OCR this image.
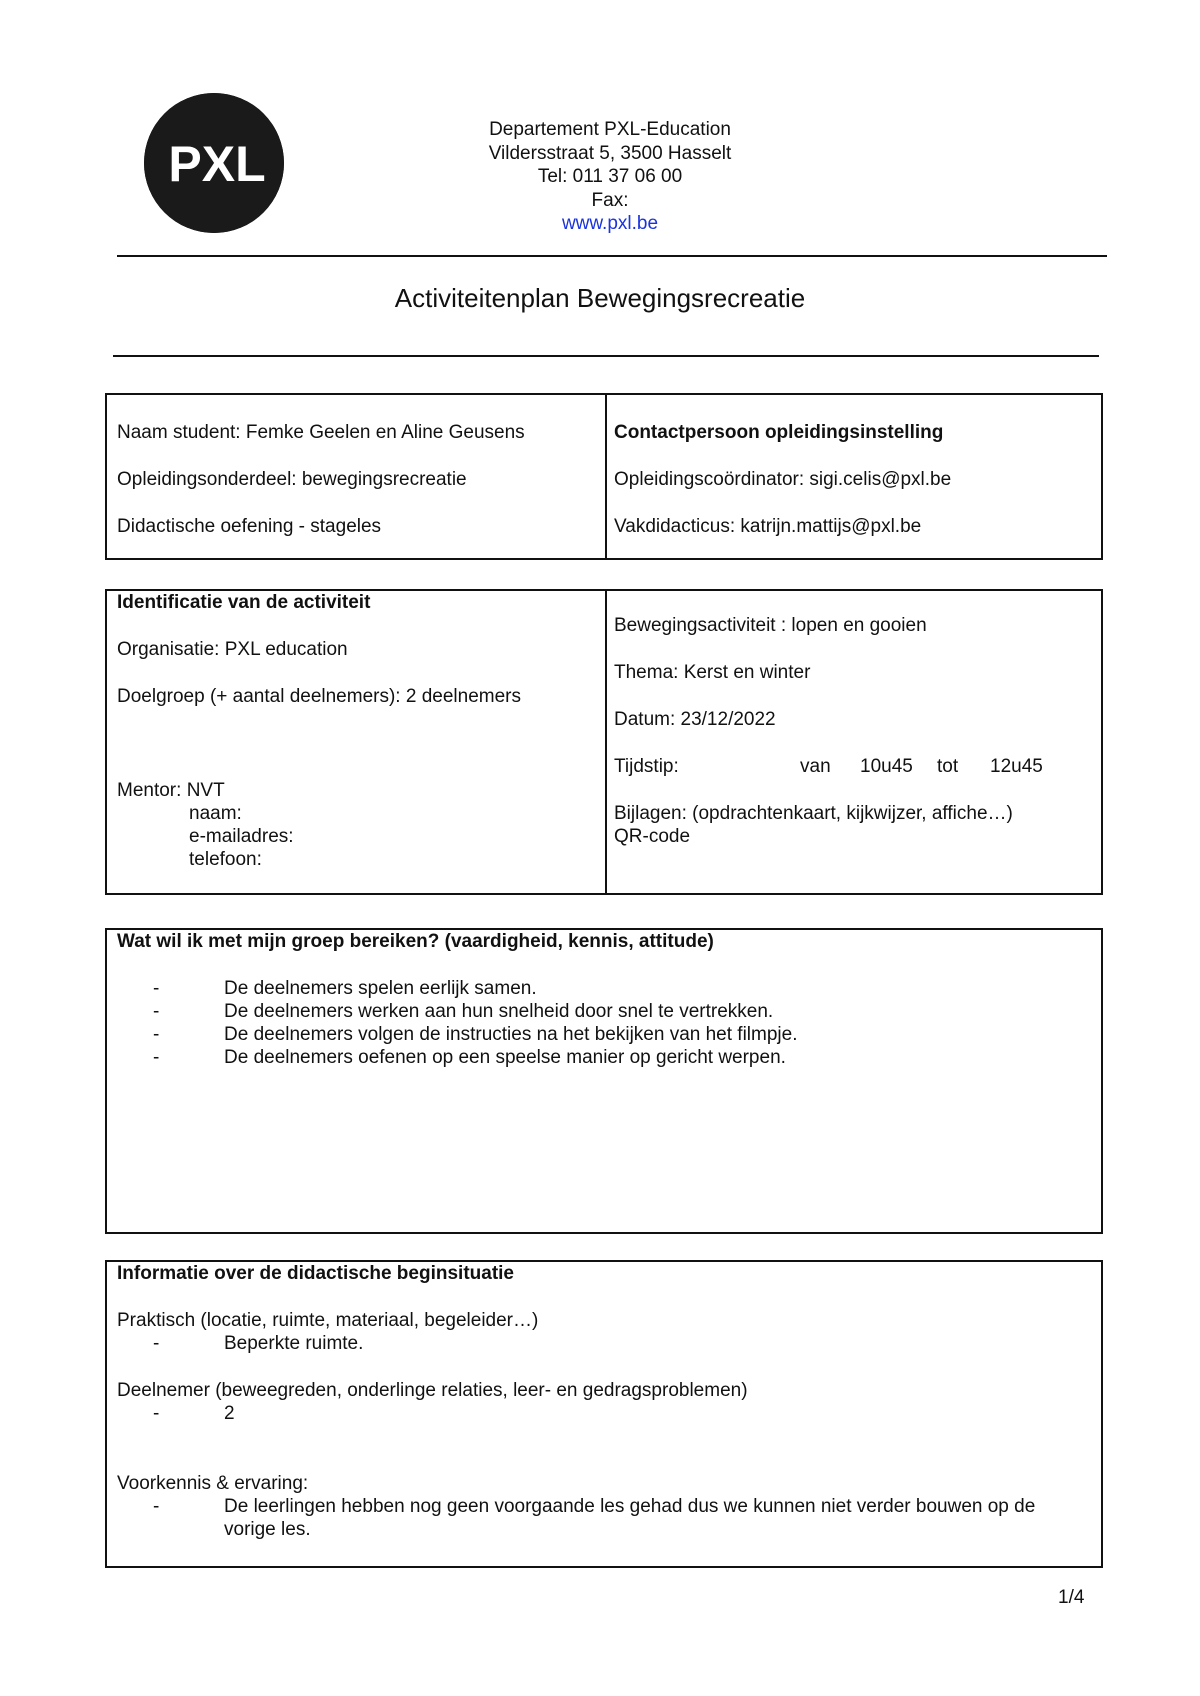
PXL
Departement PXL-Education
Vildersstraat 5, 3500 Hasselt
Tel: 011 37 06 00
Fax:
www.pxl.be
Activiteitenplan Bewegingsrecreatie
Naam student: Femke Geelen en Aline Geusens
Opleidingsonderdeel: bewegingsrecreatie
Didactische oefening - stageles
Contactpersoon opleidingsinstelling
Opleidingscoördinator: sigi.celis@pxl.be
Vakdidacticus: katrijn.mattijs@pxl.be
Identificatie van de activiteit
Organisatie: PXL education
Doelgroep (+ aantal deelnemers): 2 deelnemers
Mentor: NVT
naam:
e-mailadres:
telefoon:
Bewegingsactiviteit : lopen en gooien
Thema: Kerst en winter
Datum: 23/12/2022
Tijdstip:	van 10u45 tot 12u45
Bijlagen: (opdrachtenkaart, kijkwijzer, affiche…)
QR-code
Wat wil ik met mijn groep bereiken? (vaardigheid, kennis, attitude)
-	De deelnemers spelen eerlijk samen.
-	De deelnemers werken aan hun snelheid door snel te vertrekken.
-	De deelnemers volgen de instructies na het bekijken van het filmpje.
-	De deelnemers oefenen op een speelse manier op gericht werpen.
Informatie over de didactische beginsituatie
Praktisch (locatie, ruimte, materiaal, begeleider…)
-	Beperkte ruimte.
Deelnemer (beweegreden, onderlinge relaties, leer- en gedragsproblemen)
-	2
Voorkennis & ervaring:
-	De leerlingen hebben nog geen voorgaande les gehad dus we kunnen niet verder bouwen op de
vorige les.
1/4
